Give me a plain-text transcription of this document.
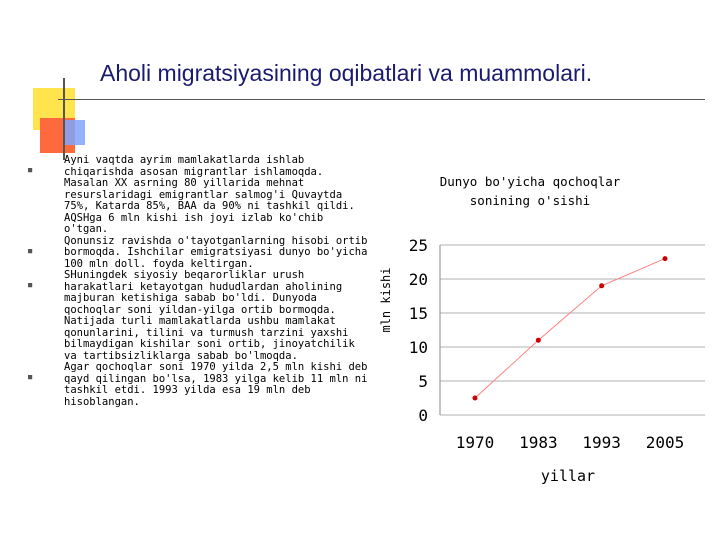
Aholi migratsiyasining oqibatlari va muammolari.
■
Ayni vaqtda ayrim mamlakatlarda ishlab chiqarishda asosan migrantlar ishlamoqda. Masalan XX asrning 80 yillarida mehnat resurslaridagi emigrantlar salmog'i Quvaytda 75%, Katarda 85%, BAA da 90% ni tashkil qildi. AQSHga 6 mln kishi ish joyi izlab ko'chib o'tgan.
■
Qonunsiz ravishda o'tayotganlarning hisobi ortib bormoqda. Ishchilar emigratsiyasi dunyo bo'yicha 100 mln doll. foyda keltirgan.
■
SHuningdek siyosiy beqarorliklar urush harakatlari ketayotgan hududlardan aholining majburan ketishiga sabab bo'ldi. Dunyoda qochoqlar soni yildan-yilga ortib bormoqda. Natijada turli mamlakatlarda ushbu mamlakat qonunlarini, tilini va turmush tarzini yaxshi bilmaydigan kishilar soni ortib, jinoyatchilik va tartibsizliklarga sabab bo'lmoqda.
■
Agar qochoqlar soni 1970 yilda 2,5 mln kishi deb qayd qilingan bo'lsa, 1983 yilga kelib 11 mln ni tashkil etdi. 1993 yilda esa 19 mln deb hisoblangan.
Dunyo bo'yicha qochoqlar sonining o'sishi
0
5
10
15
20
25
1970 1983 1993 2005
mln kishi
yillar
